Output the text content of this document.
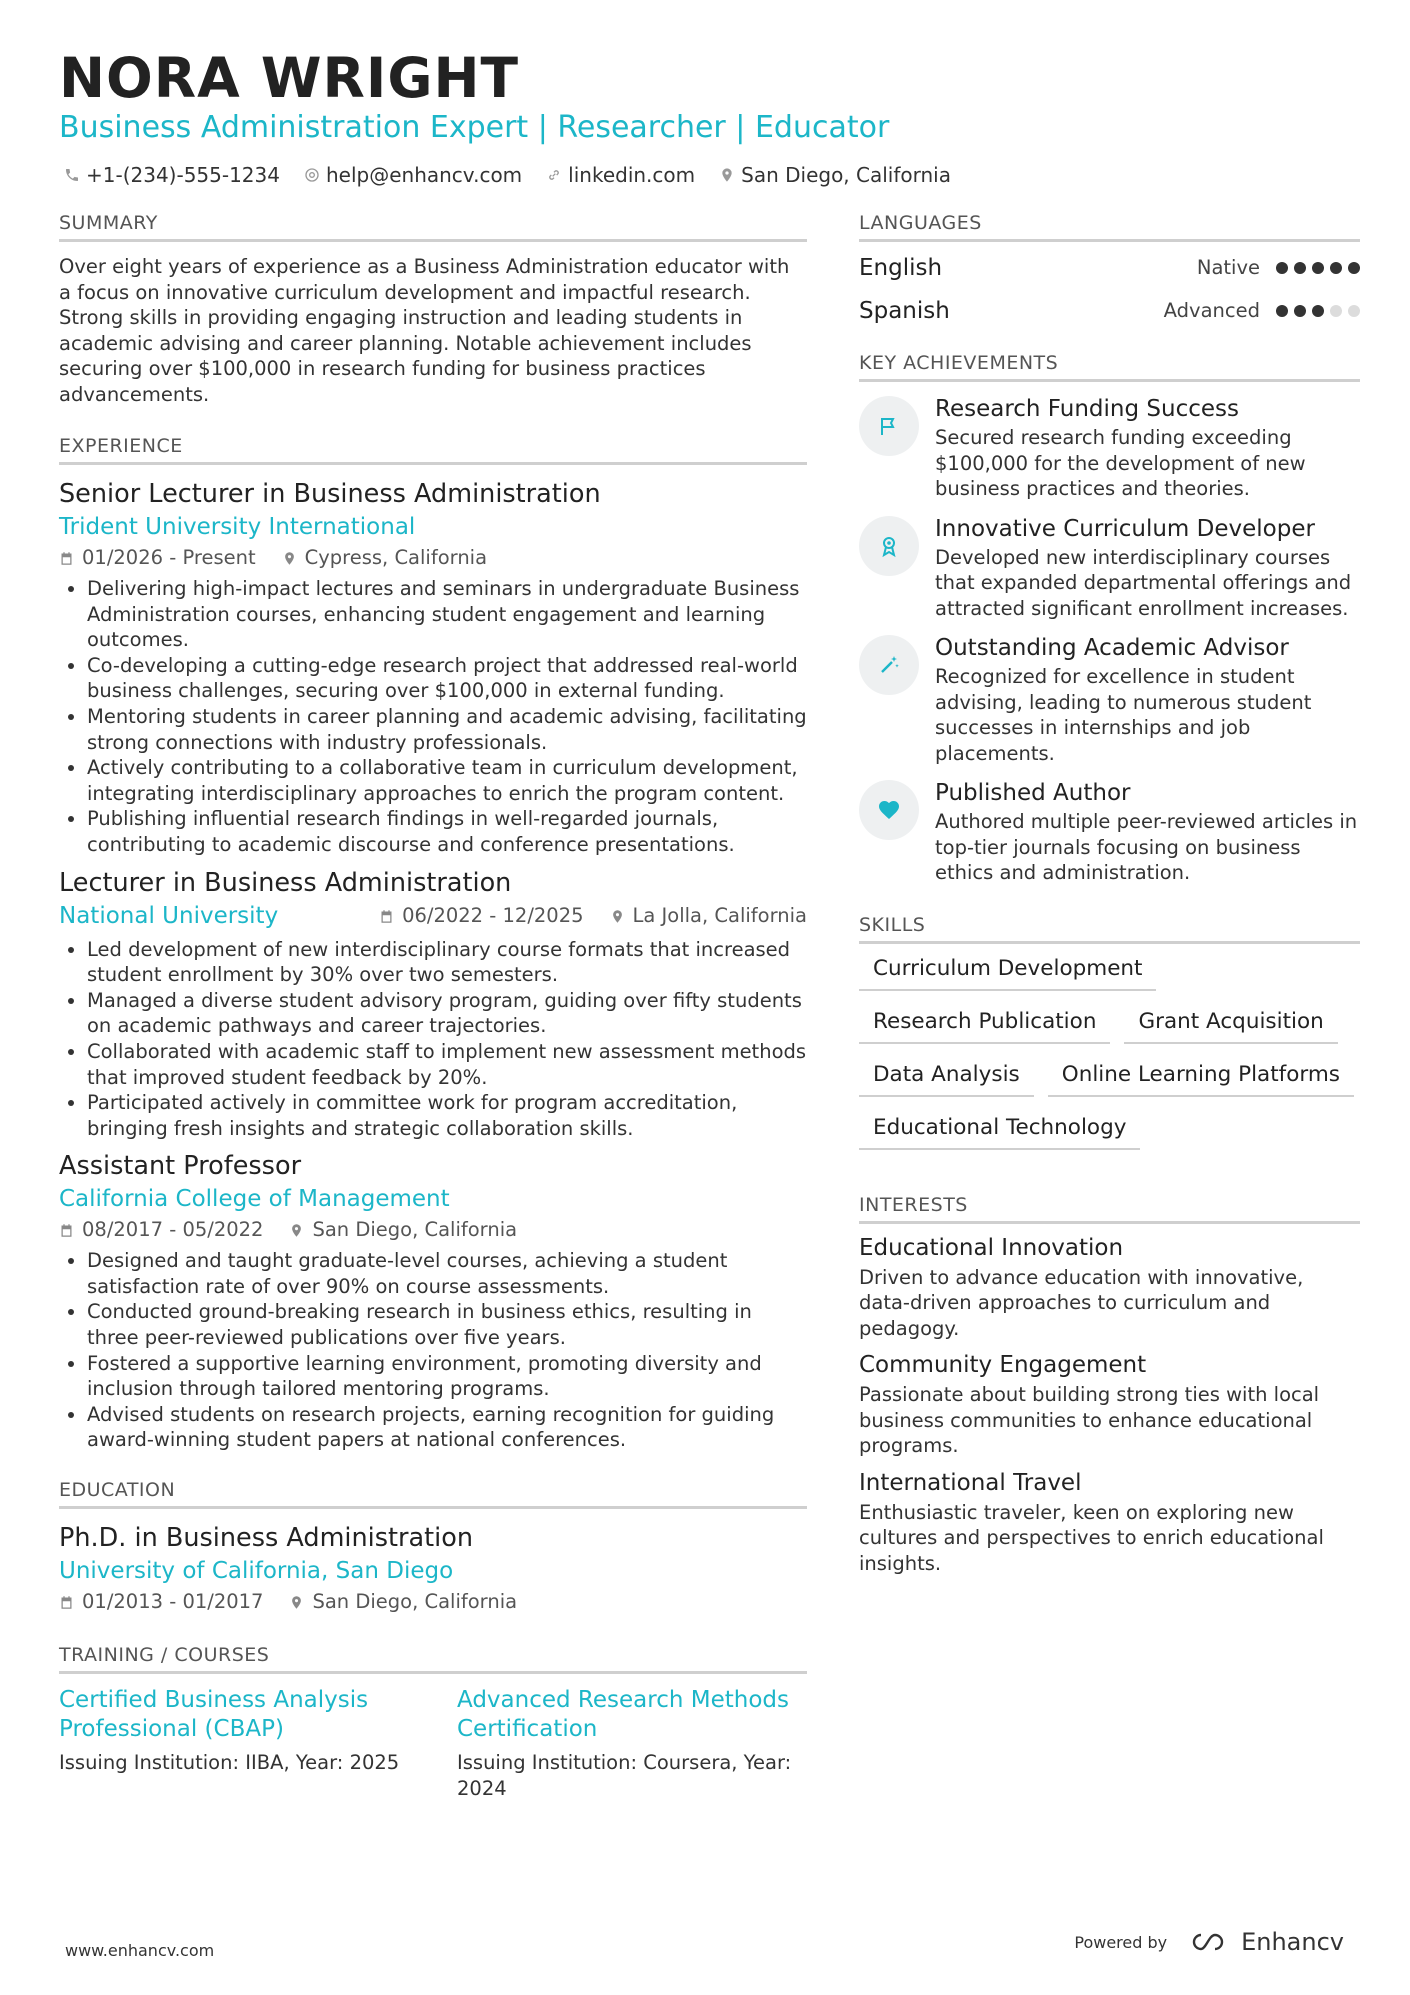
NORA WRIGHT
Business Administration Expert | Researcher | Educator
+1-(234)-555-1234 help@enhancv.com linkedin.com San Diego, California
SUMMARY
Over eight years of experience as a Business Administration educator with a focus on innovative curriculum development and impactful research. Strong skills in providing engaging instruction and leading students in academic advising and career planning. Notable achievement includes securing over $100,000 in research funding for business practices advancements.
EXPERIENCE
Senior Lecturer in Business Administration
Trident University International
01/2026 - Present	Cypress, California
• Delivering high-impact lectures and seminars in undergraduate Business Administration courses, enhancing student engagement and learning outcomes.
• Co-developing a cutting-edge research project that addressed real-world business challenges, securing over $100,000 in external funding.
• Mentoring students in career planning and academic advising, facilitating strong connections with industry professionals.
• Actively contributing to a collaborative team in curriculum development, integrating interdisciplinary approaches to enrich the program content.
• Publishing influential research findings in well-regarded journals, contributing to academic discourse and conference presentations.
Lecturer in Business Administration
National University	06/2022 - 12/2025	La Jolla, California
• Led development of new interdisciplinary course formats that increased student enrollment by 30% over two semesters.
• Managed a diverse student advisory program, guiding over fifty students on academic pathways and career trajectories.
• Collaborated with academic staff to implement new assessment methods that improved student feedback by 20%.
• Participated actively in committee work for program accreditation, bringing fresh insights and strategic collaboration skills.
Assistant Professor
California College of Management
08/2017 - 05/2022	San Diego, California
• Designed and taught graduate-level courses, achieving a student satisfaction rate of over 90% on course assessments.
• Conducted ground-breaking research in business ethics, resulting in three peer-reviewed publications over five years.
• Fostered a supportive learning environment, promoting diversity and inclusion through tailored mentoring programs.
• Advised students on research projects, earning recognition for guiding award-winning student papers at national conferences.
EDUCATION
Ph.D. in Business Administration
University of California, San Diego
01/2013 - 01/2017	San Diego, California
TRAINING / COURSES
Certified Business Analysis Professional (CBAP)
Issuing Institution: IIBA, Year: 2025
Advanced Research Methods Certification
Issuing Institution: Coursera, Year: 2024
LANGUAGES
English	Native
Spanish	Advanced
KEY ACHIEVEMENTS
Research Funding Success
Secured research funding exceeding $100,000 for the development of new business practices and theories.
Innovative Curriculum Developer
Developed new interdisciplinary courses that expanded departmental offerings and attracted significant enrollment increases.
Outstanding Academic Advisor
Recognized for excellence in student advising, leading to numerous student successes in internships and job placements.
Published Author
Authored multiple peer-reviewed articles in top-tier journals focusing on business ethics and administration.
SKILLS
Curriculum Development
Research Publication	Grant Acquisition
Data Analysis	Online Learning Platforms
Educational Technology
INTERESTS
Educational Innovation
Driven to advance education with innovative, data-driven approaches to curriculum and pedagogy.
Community Engagement
Passionate about building strong ties with local business communities to enhance educational programs.
International Travel
Enthusiastic traveler, keen on exploring new cultures and perspectives to enrich educational insights.
www.enhancv.com	Powered by	Enhancv
